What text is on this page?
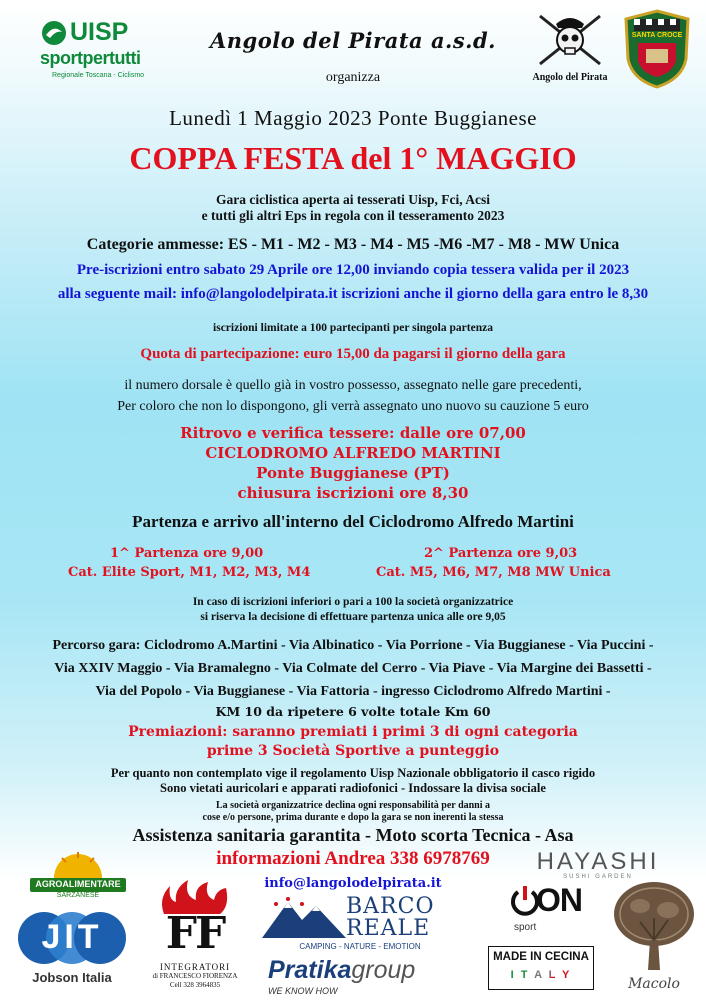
UISP
sportpertutti
Regionale Toscana - Ciclismo
Angolo del Pirata a.s.d.
organizza	Angolo del Pirata
SANTA CROCE
Lunedì 1 Maggio 2023 Ponte Buggianese
COPPA FESTA del 1° MAGGIO
Gara ciclistica aperta ai tesserati Uisp, Fci, Acsi
e tutti gli altri Eps in regola con il tesseramento 2023
Categorie ammesse: ES - M1 - M2 - M3 - M4 - M5 -M6 -M7 - M8 - MW Unica
Pre-iscrizioni entro sabato 29 Aprile ore 12,00 inviando copia tessera valida per il 2023
alla seguente mail: info@langolodelpirata.it iscrizioni anche il giorno della gara entro le 8,30
iscrizioni limitate a 100 partecipanti per singola partenza
Quota di partecipazione: euro 15,00 da pagarsi il giorno della gara
il numero dorsale è quello già in vostro possesso, assegnato nelle gare precedenti,
Per coloro che non lo dispongono, gli verrà assegnato uno nuovo su cauzione 5 euro
Ritrovo e verifica tessere: dalle ore 07,00
CICLODROMO ALFREDO MARTINI
Ponte Buggianese (PT)
chiusura iscrizioni ore 8,30
Partenza e arrivo all'interno del Ciclodromo Alfredo Martini
1^ Partenza ore 9,00
Cat. Elite Sport, M1, M2, M3, M4
2^ Partenza ore 9,03
Cat. M5, M6, M7, M8 MW Unica
In caso di iscrizioni inferiori o pari a 100 la società organizzatrice
si riserva la decisione di effettuare partenza unica alle ore 9,05
Percorso gara: Ciclodromo A.Martini - Via Albinatico - Via Porrione - Via Buggianese - Via Puccini -
Via XXIV Maggio - Via Bramalegno - Via Colmate del Cerro - Via Piave - Via Margine dei Bassetti -
Via del Popolo - Via Buggianese - Via Fattoria - ingresso Ciclodromo Alfredo Martini -
KM 10 da ripetere 6 volte totale Km 60
Premiazioni: saranno premiati i primi 3 di ogni categoria
prime 3 Società Sportive a punteggio
Per quanto non contemplato vige il regolamento Uisp Nazionale obbligatorio il casco rigido
Sono vietati auricolari e apparati radiofonici - Indossare la divisa sociale
La società organizzatrice declina ogni responsabilità per danni a
cose e/o persone, prima durante e dopo la gara se non inerenti la stessa
Assistenza sanitaria garantita - Moto scorta Tecnica - Asa
informazioni Andrea 338 6978769
info@langolodelpirata.it
AGROALIMENTARE
SARZANESE
HAYASHI
SUSHI GARDEN
JIT
Jobson Italia
FF
INTEGRATORI
di FRANCESCO FIORENZA
Cell 328 3964835
BARCO
REALE
CAMPING - NATURE - EMOTION
Pratikagroup
WE KNOW HOW
ON
sport
MADE IN CECINA
I T A L Y
Macolo
